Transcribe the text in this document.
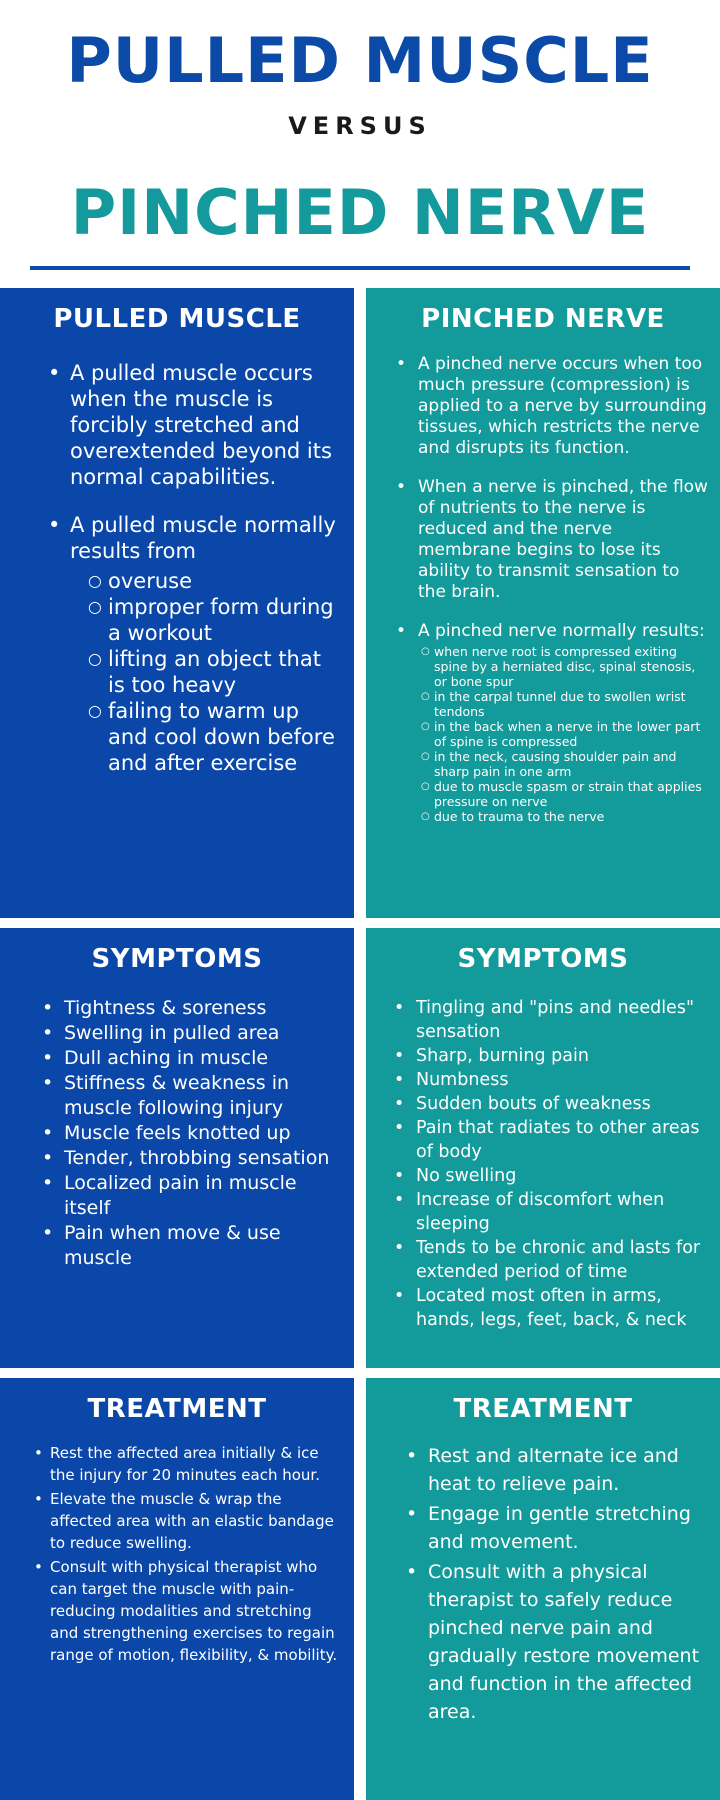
PULLED MUSCLE
VERSUS
PINCHED NERVE
PULLED MUSCLE
• A pulled muscle occurs when the muscle is forcibly stretched and overextended beyond its normal capabilities.
• A pulled muscle normally results from
○ overuse
○ improper form during a workout
○ lifting an object that is too heavy
○ failing to warm up and cool down before and after exercise
PINCHED NERVE
• A pinched nerve occurs when too much pressure (compression) is applied to a nerve by surrounding tissues, which restricts the nerve and disrupts its function.
• When a nerve is pinched, the flow of nutrients to the nerve is reduced and the nerve membrane begins to lose its ability to transmit sensation to the brain.
• A pinched nerve normally results:
○ when nerve root is compressed exiting spine by a herniated disc, spinal stenosis, or bone spur
○ in the carpal tunnel due to swollen wrist tendons
○ in the back when a nerve in the lower part of spine is compressed
○ in the neck, causing shoulder pain and sharp pain in one arm
○ due to muscle spasm or strain that applies pressure on nerve
○ due to trauma to the nerve
SYMPTOMS
• Tightness & soreness
• Swelling in pulled area
• Dull aching in muscle
• Stiffness & weakness in muscle following injury
• Muscle feels knotted up
• Tender, throbbing sensation
• Localized pain in muscle itself
• Pain when move & use muscle
SYMPTOMS
• Tingling and "pins and needles" sensation
• Sharp, burning pain
• Numbness
• Sudden bouts of weakness
• Pain that radiates to other areas of body
• No swelling
• Increase of discomfort when sleeping
• Tends to be chronic and lasts for extended period of time
• Located most often in arms, hands, legs, feet, back, & neck
TREATMENT
• Rest the affected area initially & ice the injury for 20 minutes each hour.
• Elevate the muscle & wrap the affected area with an elastic bandage to reduce swelling.
• Consult with physical therapist who can target the muscle with pain-reducing modalities and stretching and strengthening exercises to regain range of motion, flexibility, & mobility.
TREATMENT
• Rest and alternate ice and heat to relieve pain.
• Engage in gentle stretching and movement.
• Consult with a physical therapist to safely reduce pinched nerve pain and gradually restore movement and function in the affected area.
